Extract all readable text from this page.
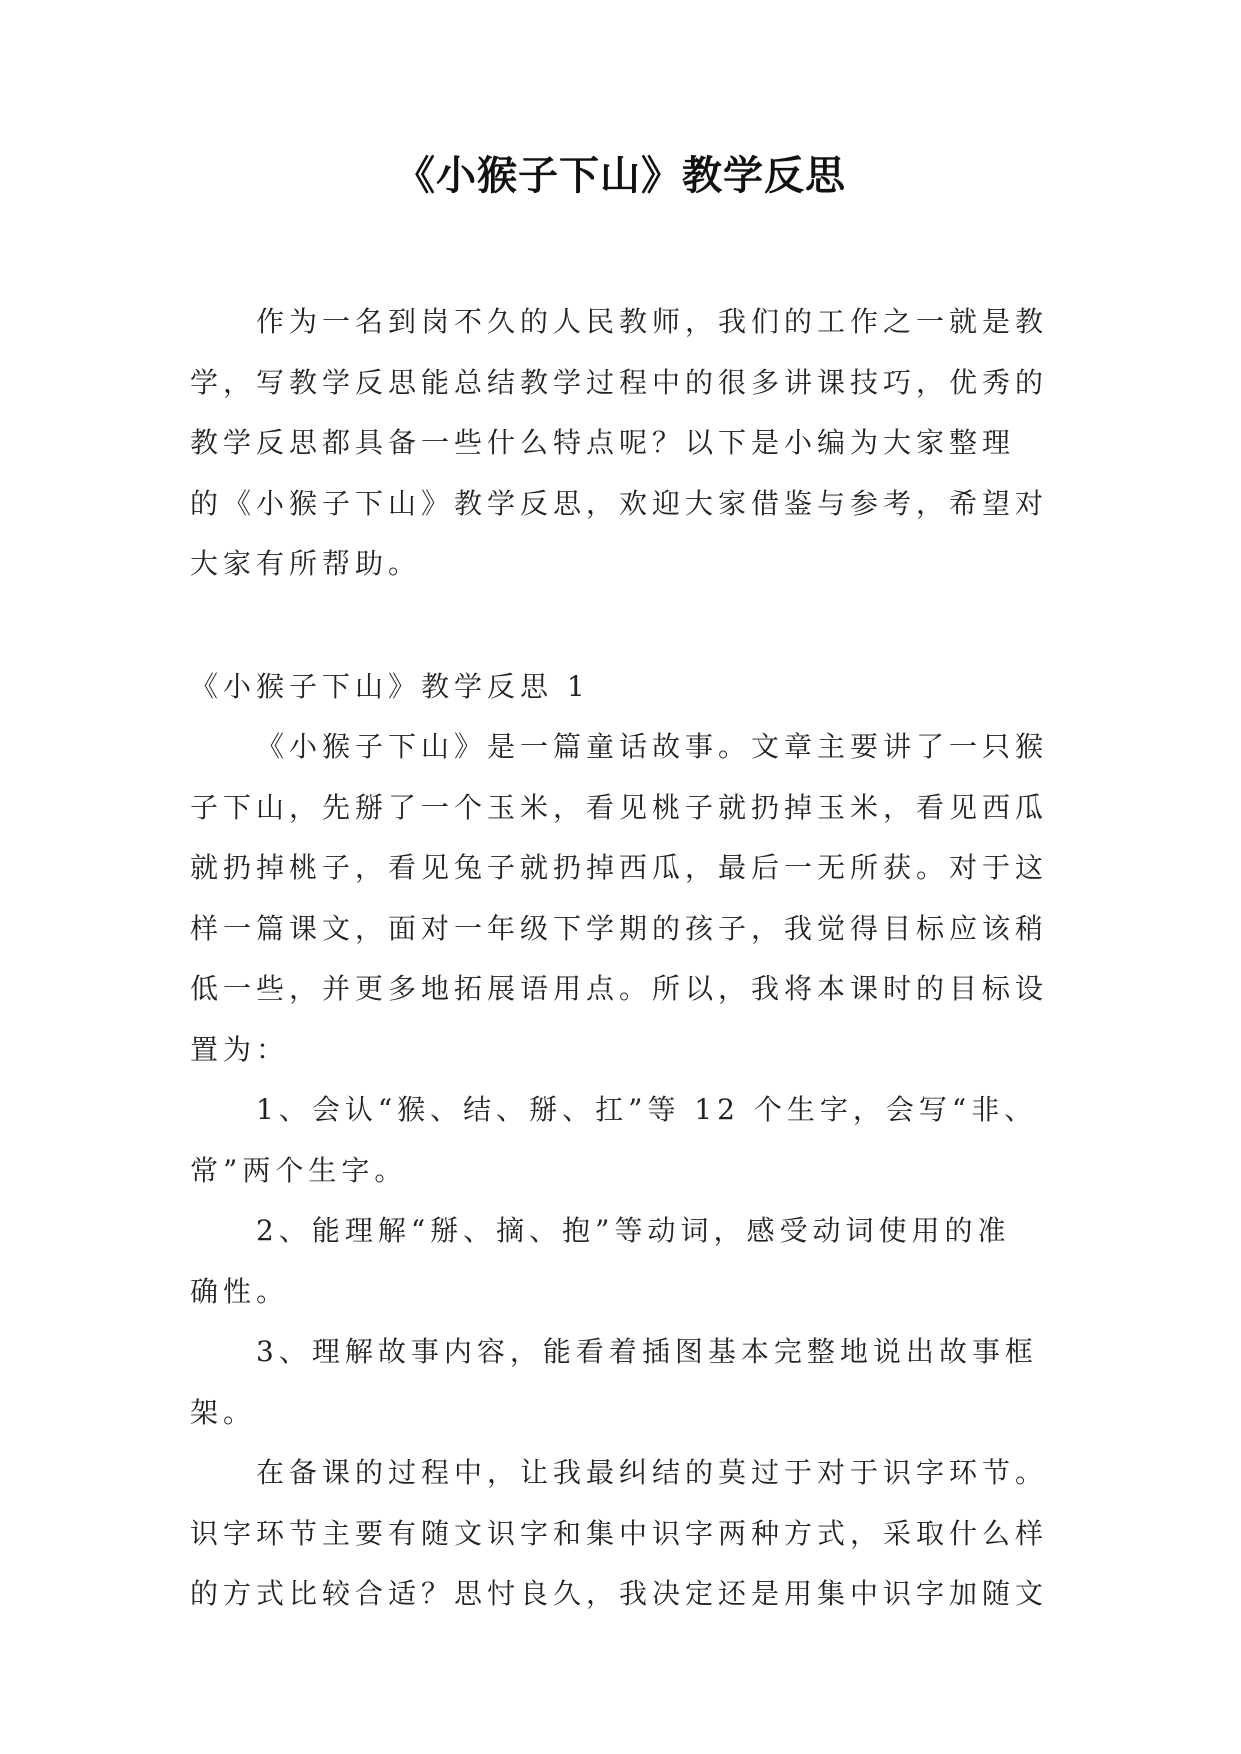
《小猴子下山》教学反思
作为一名到岗不久的人民教师，我们的工作之一就是教
学，写教学反思能总结教学过程中的很多讲课技巧，优秀的
教学反思都具备一些什么特点呢？以下是小编为大家整理
的《小猴子下山》教学反思，欢迎大家借鉴与参考，希望对
大家有所帮助。
《小猴子下山》教学反思 1
《小猴子下山》是一篇童话故事。文章主要讲了一只猴
子下山，先掰了一个玉米，看见桃子就扔掉玉米，看见西瓜
就扔掉桃子，看见兔子就扔掉西瓜，最后一无所获。对于这
样一篇课文，面对一年级下学期的孩子，我觉得目标应该稍
低一些，并更多地拓展语用点。所以，我将本课时的目标设
置为：
1、会认“猴、结、掰、扛”等 12 个生字，会写“非、
常”两个生字。
2、能理解“掰、摘、抱”等动词，感受动词使用的准
确性。
3、理解故事内容，能看着插图基本完整地说出故事框
架。
在备课的过程中，让我最纠结的莫过于对于识字环节。
识字环节主要有随文识字和集中识字两种方式，采取什么样
的方式比较合适？思忖良久，我决定还是用集中识字加随文
